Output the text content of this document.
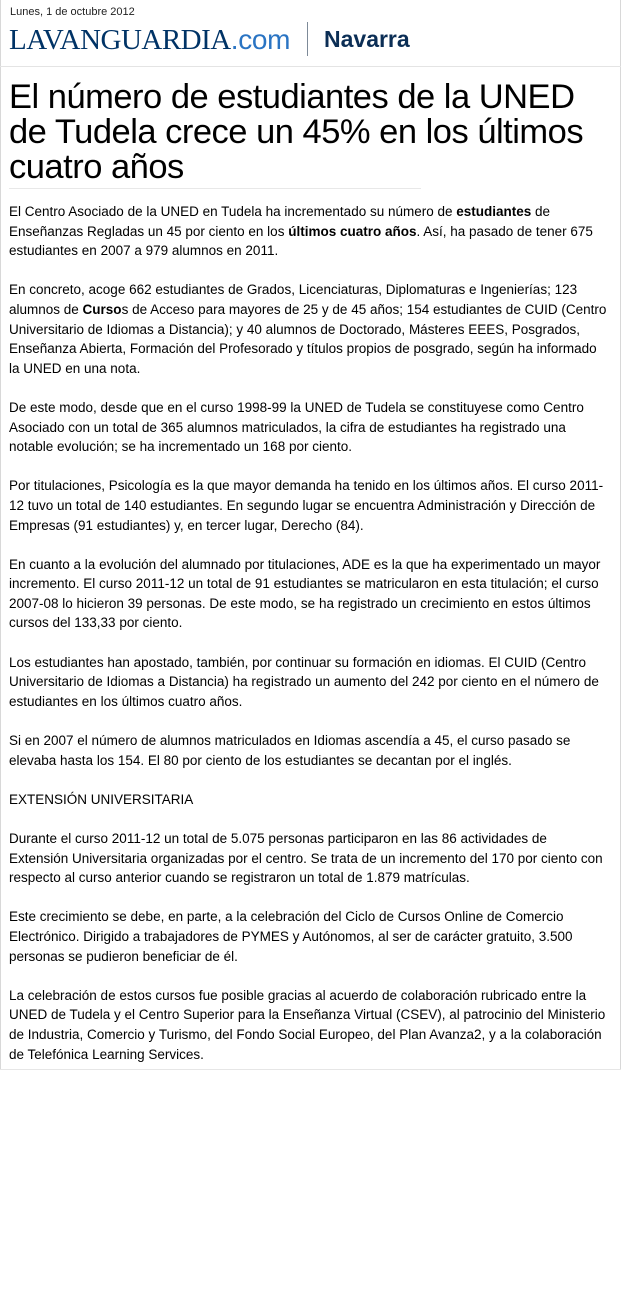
Lunes, 1 de octubre 2012
LAVANGUARDIA.com Navarra
El número de estudiantes de la UNED de Tudela crece un 45% en los últimos cuatro años

El Centro Asociado de la UNED en Tudela ha incrementado su número de estudiantes de Enseñanzas Regladas un 45 por ciento en los últimos cuatro años. Así, ha pasado de tener 675 estudiantes en 2007 a 979 alumnos en 2011.

En concreto, acoge 662 estudiantes de Grados, Licenciaturas, Diplomaturas e Ingenierías; 123 alumnos de Cursos de Acceso para mayores de 25 y de 45 años; 154 estudiantes de CUID (Centro Universitario de Idiomas a Distancia); y 40 alumnos de Doctorado, Másteres EEES, Posgrados, Enseñanza Abierta, Formación del Profesorado y títulos propios de posgrado, según ha informado la UNED en una nota.

De este modo, desde que en el curso 1998-99 la UNED de Tudela se constituyese como Centro Asociado con un total de 365 alumnos matriculados, la cifra de estudiantes ha registrado una notable evolución; se ha incrementado un 168 por ciento.

Por titulaciones, Psicología es la que mayor demanda ha tenido en los últimos años. El curso 2011-12 tuvo un total de 140 estudiantes. En segundo lugar se encuentra Administración y Dirección de Empresas (91 estudiantes) y, en tercer lugar, Derecho (84).

En cuanto a la evolución del alumnado por titulaciones, ADE es la que ha experimentado un mayor incremento. El curso 2011-12 un total de 91 estudiantes se matricularon en esta titulación; el curso 2007-08 lo hicieron 39 personas. De este modo, se ha registrado un crecimiento en estos últimos cursos del 133,33 por ciento.

Los estudiantes han apostado, también, por continuar su formación en idiomas. El CUID (Centro Universitario de Idiomas a Distancia) ha registrado un aumento del 242 por ciento en el número de estudiantes en los últimos cuatro años.

Si en 2007 el número de alumnos matriculados en Idiomas ascendía a 45, el curso pasado se elevaba hasta los 154. El 80 por ciento de los estudiantes se decantan por el inglés.

EXTENSIÓN UNIVERSITARIA

Durante el curso 2011-12 un total de 5.075 personas participaron en las 86 actividades de Extensión Universitaria organizadas por el centro. Se trata de un incremento del 170 por ciento con respecto al curso anterior cuando se registraron un total de 1.879 matrículas.

Este crecimiento se debe, en parte, a la celebración del Ciclo de Cursos Online de Comercio Electrónico. Dirigido a trabajadores de PYMES y Autónomos, al ser de carácter gratuito, 3.500 personas se pudieron beneficiar de él.

La celebración de estos cursos fue posible gracias al acuerdo de colaboración rubricado entre la UNED de Tudela y el Centro Superior para la Enseñanza Virtual (CSEV), al patrocinio del Ministerio de Industria, Comercio y Turismo, del Fondo Social Europeo, del Plan Avanza2, y a la colaboración de Telefónica Learning Services.
